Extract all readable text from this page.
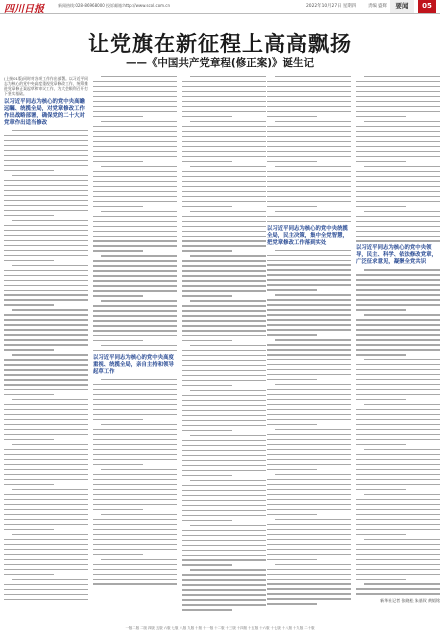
四川日报	新闻热线:028-86968000 投诉邮箱:http://www.scol.com.cn	2022年10月27日 星期四	责编 盛辉	要闻	05
让党旗在新征程上高高飘扬
——《中国共产党章程(修正案)》诞生记
(上接01版)同时对各项工作作出部署。以习近平同志为核心的党中央高度重视党章修改工作，统筹推进党章修正案起草和审议工作，为大会顺利召开打下坚实基础。
以习近平同志为核心的党中央高瞻远瞩、统揽全局，对党章修改工作作出战略部署，确保党的二十大对党章作出适当修改
以习近平同志为核心的党中央高度重视、统揽全局，亲自主持和领导起草工作
以习近平同志为核心的党中央统揽全局，民主决策，集中全党智慧，把党章修改工作落到实处
以习近平同志为核心的党中央领导，民主、科学、依法修改党章，广泛征求意见，凝聚全党共识
新华社记者 张晓松 朱基钗 黄韬铭
一版二版 二版 四版 五版 六版 七版 八版 九版 十版 十一版 十二版 十三版 十四版 十五版 十六版 十七版 十八版 十九版 二十版
